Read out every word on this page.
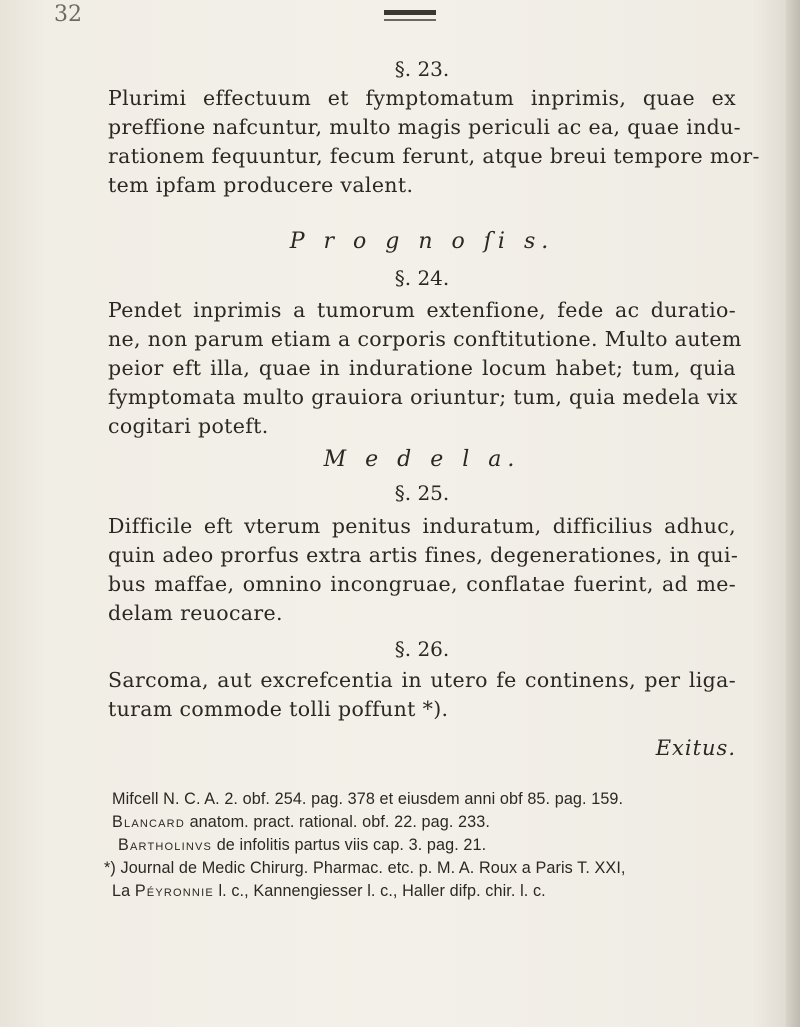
32
§. 23.
Plurimi effectuum et fymptomatum inprimis, quae ex
preffione nafcuntur, multo magis periculi ac ea, quae indu-
rationem fequuntur, fecum ferunt, atque breui tempore mor-
tem ipfam producere valent.
P r o g n o ſi s.
§. 24.
Pendet inprimis a tumorum extenfione, fede ac duratio-
ne, non parum etiam a corporis conftitutione. Multo autem
peior eft illa, quae in induratione locum habet; tum, quia
fymptomata multo grauiora oriuntur; tum, quia medela vix
cogitari poteft.
M e d e l a.
§. 25.
Difficile eft vterum penitus induratum, difficilius adhuc,
quin adeo prorfus extra artis fines, degenerationes, in qui-
bus maffae, omnino incongruae, conflatae fuerint, ad me-
delam reuocare.
§. 26.
Sarcoma, aut excrefcentia in utero fe continens, per liga-
turam commode tolli poffunt *).
Exitus.
Mifcell N. C. A. 2. obf. 254. pag. 378 et eiusdem anni obf 85. pag. 159.
Blancard anatom. pract. rational. obf. 22. pag. 233.
Bartholinvs de infolitis partus viis cap. 3. pag. 21.
*) Journal de Medic Chirurg. Pharmac. etc. p. M. A. Roux a Paris T. XXI,
La Péyronnie l. c., Kannengiesser l. c., Haller difp. chir. l. c.
